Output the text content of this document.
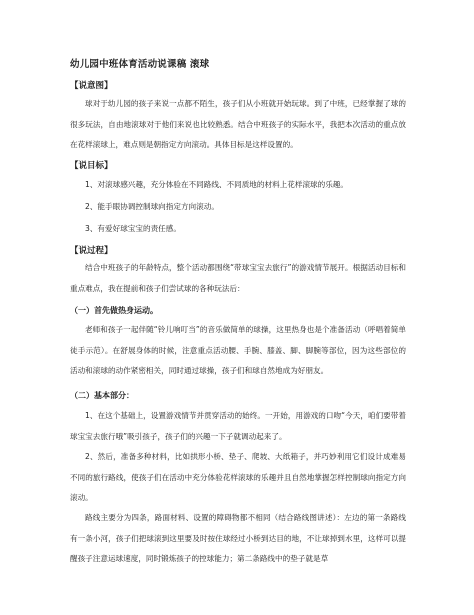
幼儿园中班体育活动说课稿 滚球
【说意图】

球对于幼儿园的孩子来说一点都不陌生，孩子们从小班就开始玩球。到了中班，已经掌握了球的很多玩法，自由地滚球对于他们来说也比较熟悉。结合中班孩子的实际水平，我把本次活动的重点放在花样滚球上，难点则是朝指定方向滚动。具体目标是这样设置的。

【说目标】

1、对滚球感兴趣，充分体验在不同路线、不同质地的材料上花样滚球的乐趣。

2、能手眼协调控制球向指定方向滚动。

3、有爱好球宝宝的责任感。

【说过程】

结合中班孩子的年龄特点，整个活动都围绕“带球宝宝去旅行”的游戏情节展开。根据活动目标和重点难点，我在提前和孩子们尝试球的各种玩法后：

（一）首先做热身运动。

老师和孩子一起伴随“铃儿响叮当”的音乐做简单的球操，这里热身也是个准备活动（呼唱着简单徒手示范）。在舒展身体的时候，注意重点活动腰、手腕、膝盖、脚、脚腕等部位，因为这些部位的活动和滚球的动作紧密相关，同时通过球操，孩子们和球自然地成为好朋友。

（二）基本部分：

1、在这个基础上，设置游戏情节并贯穿活动的始终。一开始，用游戏的口吻“今天，咱们要带着球宝宝去旅行哦”吸引孩子，孩子们的兴趣一下子就调动起来了。

2、然后，准备多种材料，比如拱形小桥、垫子、爬坡、大纸箱子，并巧妙利用它们设计成难易不同的旅行路线，使孩子们在活动中充分体验花样滚球的乐趣并且自然地掌握怎样控制球向指定方向滚动。

路线主要分为四条，路面材料、设置的障碍物都不相同（结合路线图讲述）：左边的第一条路线有一条小河，孩子们把球滚到这里要及时按住球经过小桥到达目的地，不让球掉到水里，这样可以提醒孩子注意运球速度，同时锻炼孩子的控球能力；第二条路线中的垫子就是草
